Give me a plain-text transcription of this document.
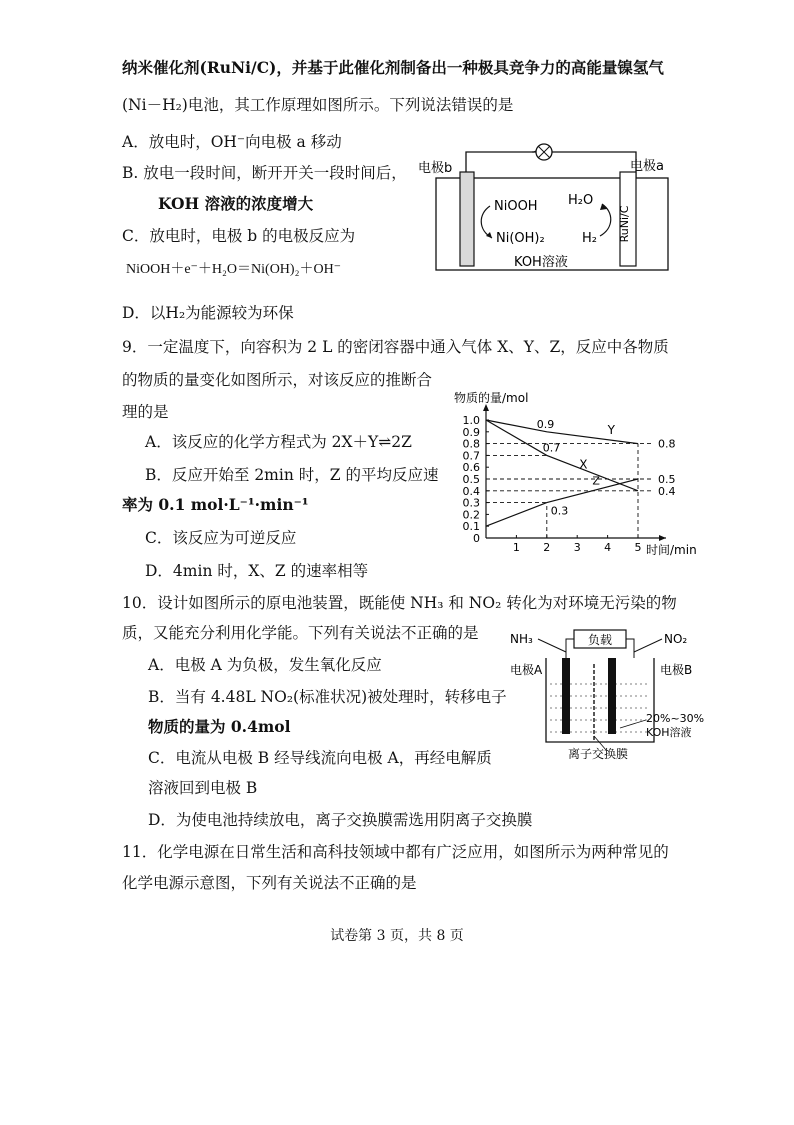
纳米催化剂(RuNi/C)，并基于此催化剂制备出一种极具竞争力的高能量镍氢气
(Ni－H₂)电池，其工作原理如图所示。下列说法错误的是
A．放电时，OH⁻向电极 a 移动
B. 放电一段时间，断开开关一段时间后，
KOH 溶液的浓度增大
C．放电时，电极 b 的电极反应为
NiOOH＋e⁻＋H₂O＝Ni(OH)₂＋OH⁻
D．以H₂为能源较为环保
RuNi/C
电极b	电极a
NiOOH
Ni(OH)₂
H₂O
H₂
KOH溶液
9．一定温度下，向容积为 2 L 的密闭容器中通入气体 X、Y、Z，反应中各物质
的物质的量变化如图所示，对该反应的推断合
理的是
A．该反应的化学方程式为 2X＋Y⇌2Z
B．反应开始至 2min 时，Z 的平均反应速
率为 0.1 mol·L⁻¹·min⁻¹
C．该反应为可逆反应
D．4min 时，X、Z 的速率相等
物质的量/mol
时间/min
0
0.1
0.2
0.3
0.4
0.5
0.6
0.7
0.8
0.9
1.0
1 2 3 4 5
Y
X
Z
0.9
0.7
0.3
0.8
0.5
0.4
10．设计如图所示的原电池装置，既能使 NH₃ 和 NO₂ 转化为对环境无污染的物
质，又能充分利用化学能。下列有关说法不正确的是
A．电极 A 为负极，发生氧化反应
B．当有 4.48L NO₂(标准状况)被处理时，转移电子
物质的量为 0.4mol
C．电流从电极 B 经导线流向电极 A，再经电解质
溶液回到电极 B
D．为使电池持续放电，离子交换膜需选用阴离子交换膜
负载
NH₃	NO₂
电极A	电极B
20%~30%
KOH溶液
离子交换膜
11．化学电源在日常生活和高科技领域中都有广泛应用，如图所示为两种常见的
化学电源示意图，下列有关说法不正确的是
试卷第 3 页，共 8 页
